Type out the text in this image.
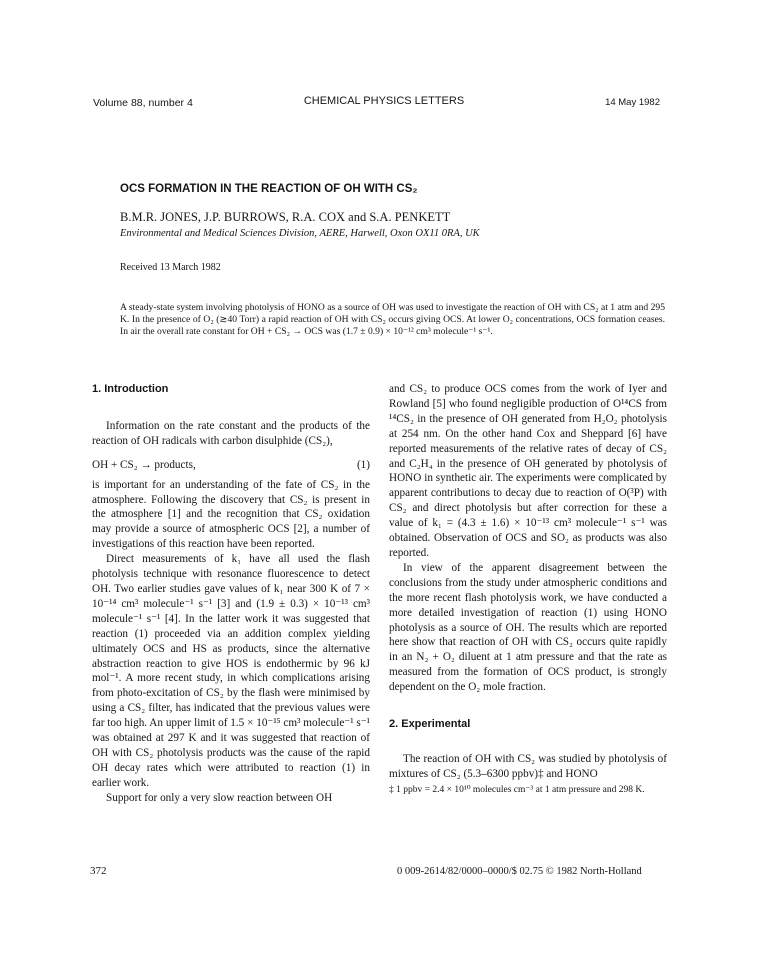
Volume 88, number 4	CHEMICAL PHYSICS LETTERS	14 May 1982
OCS FORMATION IN THE REACTION OF OH WITH CS₂
B.M.R. JONES, J.P. BURROWS, R.A. COX and S.A. PENKETT
Environmental and Medical Sciences Division, AERE, Harwell, Oxon OX11 0RA, UK
Received 13 March 1982
A steady-state system involving photolysis of HONO as a source of OH was used to investigate the reaction of OH with CS₂ at 1 atm and 295 K. In the presence of O₂ (≳40 Torr) a rapid reaction of OH with CS₂ occurs giving OCS. At lower O₂ concentrations, OCS formation ceases. In air the overall rate constant for OH + CS₂ → OCS was (1.7 ± 0.9) × 10⁻¹² cm³ molecule⁻¹ s⁻¹.

1. Introduction

Information on the rate constant and the products of the reaction of OH radicals with carbon disulphide (CS₂),

OH + CS₂ → products,	(1)

is important for an understanding of the fate of CS₂ in the atmosphere. Following the discovery that CS₂ is present in the atmosphere [1] and the recognition that CS₂ oxidation may provide a source of atmospheric OCS [2], a number of investigations of this reaction have been reported.

Direct measurements of k₁ have all used the flash photolysis technique with resonance fluorescence to detect OH. Two earlier studies gave values of k₁ near 300 K of 7 × 10⁻¹⁴ cm³ molecule⁻¹ s⁻¹ [3] and (1.9 ± 0.3) × 10⁻¹³ cm³ molecule⁻¹ s⁻¹ [4]. In the latter work it was suggested that reaction (1) proceeded via an addition complex yielding ultimately OCS and HS as products, since the alternative abstraction reaction to give HOS is endothermic by 96 kJ mol⁻¹. A more recent study, in which complications arising from photo-excitation of CS₂ by the flash were minimised by using a CS₂ filter, has indicated that the previous values were far too high. An upper limit of 1.5 × 10⁻¹⁵ cm³ molecule⁻¹ s⁻¹ was obtained at 297 K and it was suggested that reaction of OH with CS₂ photolysis products was the cause of the rapid OH decay rates which were attributed to reaction (1) in earlier work.

Support for only a very slow reaction between OH

and CS₂ to produce OCS comes from the work of Iyer and Rowland [5] who found negligible production of O¹⁴CS from ¹⁴CS₂ in the presence of OH generated from H₂O₂ photolysis at 254 nm. On the other hand Cox and Sheppard [6] have reported measurements of the relative rates of decay of CS₂ and C₂H₄ in the presence of OH generated by photolysis of HONO in synthetic air. The experiments were complicated by apparent contributions to decay due to reaction of O(³P) with CS₂ and direct photolysis but after correction for these a value of k₁ = (4.3 ± 1.6) × 10⁻¹³ cm³ molecule⁻¹ s⁻¹ was obtained. Observation of OCS and SO₂ as products was also reported.

In view of the apparent disagreement between the conclusions from the study under atmospheric conditions and the more recent flash photolysis work, we have conducted a more detailed investigation of reaction (1) using HONO photolysis as a source of OH. The results which are reported here show that reaction of OH with CS₂ occurs quite rapidly in an N₂ + O₂ diluent at 1 atm pressure and that the rate as measured from the formation of OCS product, is strongly dependent on the O₂ mole fraction.

2. Experimental

The reaction of OH with CS₂ was studied by photolysis of mixtures of CS₂ (5.3–6300 ppbv)‡ and HONO

‡ 1 ppbv = 2.4 × 10¹⁰ molecules cm⁻³ at 1 atm pressure and 298 K.

372	0 009-2614/82/0000–0000/$ 02.75 © 1982 North-Holland
